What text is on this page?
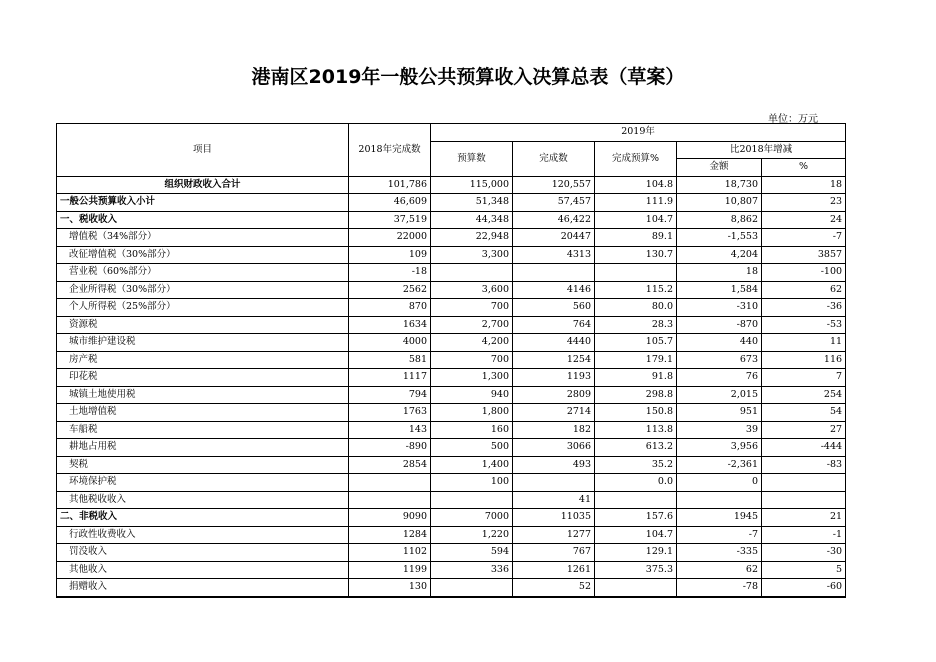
港南区2019年一般公共预算收入决算总表（草案）
单位：万元
项目	2018年完成数	2019年				
		预算数	完成数	完成预算%	比2018年增减	
					金额	%
组织财政收入合计	101,786	115,000	120,557	104.8	18,730	18
一般公共预算收入小计	46,609	51,348	57,457	111.9	10,807	23
一、税收收入	37,519	44,348	46,422	104.7	8,862	24
增值税（34%部分）	22000	22,948	20447	89.1	-1,553	-7
改征增值税（30%部分）	109	3,300	4313	130.7	4,204	3857
营业税（60%部分）	-18				18	-100
企业所得税（30%部分）	2562	3,600	4146	115.2	1,584	62
个人所得税（25%部分）	870	700	560	80.0	-310	-36
资源税	1634	2,700	764	28.3	-870	-53
城市维护建设税	4000	4,200	4440	105.7	440	11
房产税	581	700	1254	179.1	673	116
印花税	1117	1,300	1193	91.8	76	7
城镇土地使用税	794	940	2809	298.8	2,015	254
土地增值税	1763	1,800	2714	150.8	951	54
车船税	143	160	182	113.8	39	27
耕地占用税	-890	500	3066	613.2	3,956	-444
契税	2854	1,400	493	35.2	-2,361	-83
环境保护税		100		0.0	0	
其他税收收入			41			
二、非税收入	9090	7000	11035	157.6	1945	21
行政性收费收入	1284	1,220	1277	104.7	-7	-1
罚没收入	1102	594	767	129.1	-335	-30
其他收入	1199	336	1261	375.3	62	5
捐赠收入	130		52		-78	-60
